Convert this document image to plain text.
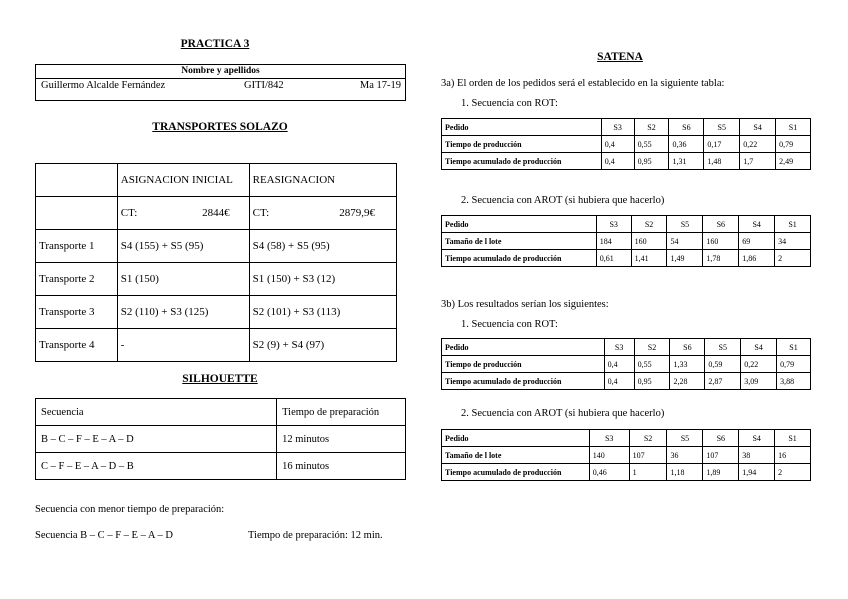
PRACTICA 3
Nombre y apellidos
Guillermo Alcalde Fernández	GITI/842	Ma 17-19
TRANSPORTES SOLAZO
	ASIGNACION INICIAL	REASIGNACION

	CT: 2844€	CT: 2879,9€

Transporte 1	S4 (155) + S5 (95)	S4 (58) + S5 (95)
Transporte 2	S1 (150)	S1 (150) + S3 (12)
Transporte 3	S2 (110) + S3 (125)	S2 (101) + S3 (113)
Transporte 4	-	S2 (9) + S4 (97)
SILHOUETTE
Secuencia	Tiempo de preparación
B – C – F – E – A – D	12 minutos
C – F – E – A – D – B	16 minutos
Secuencia con menor tiempo de preparación:
Secuencia B – C – F – E – A – D	Tiempo de preparación: 12 min.
SATENA
3a) El orden de los pedidos será el establecido en la siguiente tabla:
1. Secuencia con ROT:
Pedido	S3	S2	S6	S5	S4	S1
Tiempo de producción	0,4	0,55	0,36	0,17	0,22	0,79
Tiempo acumulado de producción	0,4	0,95	1,31	1,48	1,7	2,49
2. Secuencia con AROT (si hubiera que hacerlo)
Pedido	S3	S2	S5	S6	S4	S1
Tamaño de l lote	184	160	54	160	69	34
Tiempo acumulado de producción	0,61	1,41	1,49	1,78	1,86	2
3b) Los resultados serían los siguientes:
1. Secuencia con ROT:
Pedido	S3	S2	S6	S5	S4	S1
Tiempo de producción	0,4	0,55	1,33	0,59	0,22	0,79
Tiempo acumulado de producción	0,4	0,95	2,28	2,87	3,09	3,88
2. Secuencia con AROT (si hubiera que hacerlo)
Pedido	S3	S2	S5	S6	S4	S1
Tamaño de l lote	140	107	36	107	38	16
Tiempo acumulado de producción	0,46	1	1,18	1,89	1,94	2
